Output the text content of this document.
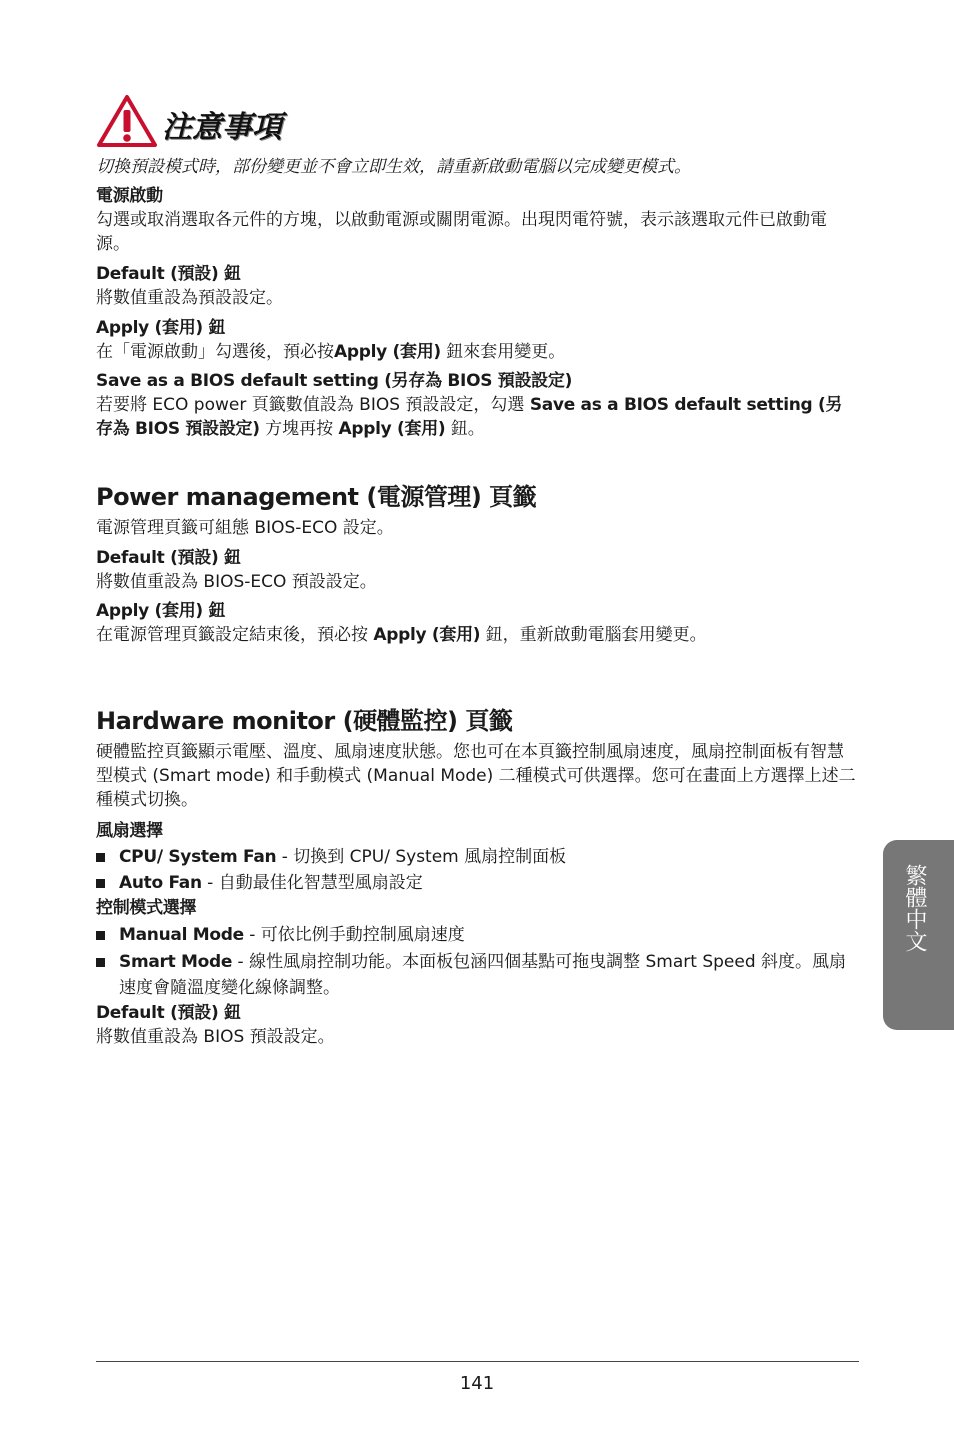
注意事項
切換預設模式時，部份變更並不會立即生效，請重新啟動電腦以完成變更模式。
電源啟動
勾選或取消選取各元件的方塊，以啟動電源或關閉電源。出現閃電符號，表示該選取元件已啟動電源。
Default (預設) 鈕
將數值重設為預設設定。
Apply (套用) 鈕
在「電源啟動」勾選後，預必按Apply (套用) 鈕來套用變更。
Save as a BIOS default setting (另存為 BIOS 預設設定)
若要將 ECO power 頁籤數值設為 BIOS 預設設定，勾選 Save as a BIOS default setting (另存為 BIOS 預設設定) 方塊再按 Apply (套用) 鈕。
Power management (電源管理) 頁籤
電源管理頁籤可組態 BIOS-ECO 設定。
Default (預設) 鈕
將數值重設為 BIOS-ECO 預設設定。
Apply (套用) 鈕
在電源管理頁籤設定結束後，預必按 Apply (套用) 鈕，重新啟動電腦套用變更。
Hardware monitor (硬體監控) 頁籤
硬體監控頁籤顯示電壓、溫度、風扇速度狀態。您也可在本頁籤控制風扇速度，風扇控制面板有智慧型模式 (Smart mode) 和手動模式 (Manual Mode) 二種模式可供選擇。您可在畫面上方選擇上述二種模式切換。
風扇選擇
CPU/ System Fan - 切換到 CPU/ System 風扇控制面板
Auto Fan - 自動最佳化智慧型風扇設定
控制模式選擇
Manual Mode - 可依比例手動控制風扇速度
Smart Mode - 線性風扇控制功能。本面板包涵四個基點可拖曳調整 Smart Speed 斜度。風扇速度會隨溫度變化線條調整。
Default (預設) 鈕
將數值重設為 BIOS 預設設定。
繁體中文
141
